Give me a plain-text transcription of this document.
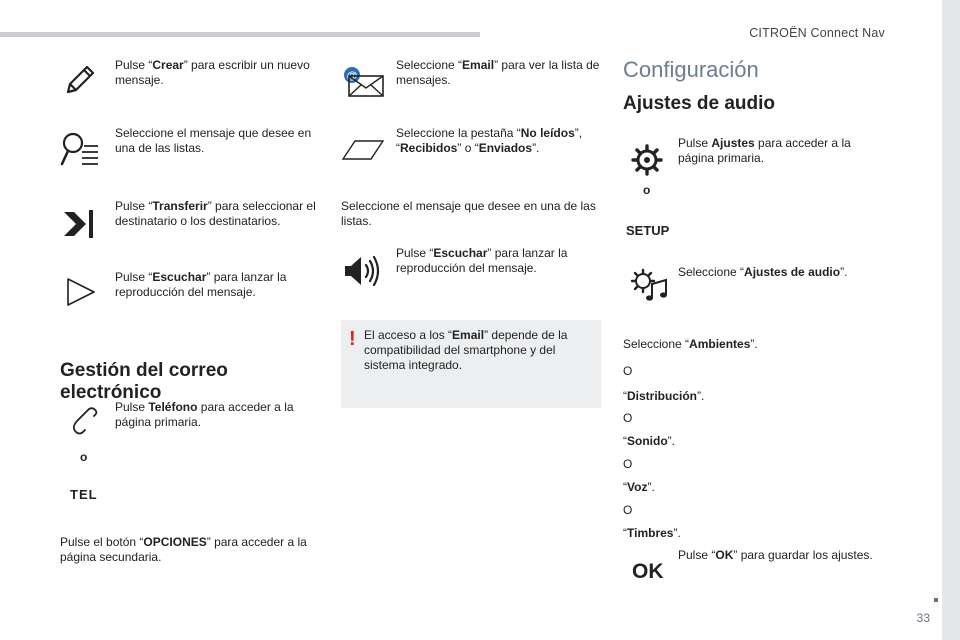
CITROËN Connect Nav
33
Pulse “Crear” para escribir un nuevo mensaje.
Seleccione el mensaje que desee en una de las listas.
Pulse “Transferir” para seleccionar el destinatario o los destinatarios.
Pulse “Escuchar” para lanzar la reproducción del mensaje.
Gestión del correo electrónico
Pulse Teléfono para acceder a la página primaria.
o
TEL
Pulse el botón “OPCIONES” para acceder a la página secundaria.
@
Seleccione “Email” para ver la lista de mensajes.
Seleccione la pestaña “No leídos”, “Recibidos” o “Enviados”.
Seleccione el mensaje que desee en una de las listas.
Pulse “Escuchar” para lanzar la reproducción del mensaje.
! El acceso a los “Email” depende de la compatibilidad del smartphone y del sistema integrado.
Configuración
Ajustes de audio
Pulse Ajustes para acceder a la página primaria.
o
SETUP
Seleccione “Ajustes de audio”.
Seleccione “Ambientes”.
O
“Distribución”.
O
“Sonido”.
O
“Voz”.
O
“Timbres”.
Pulse “OK” para guardar los ajustes.
OK
